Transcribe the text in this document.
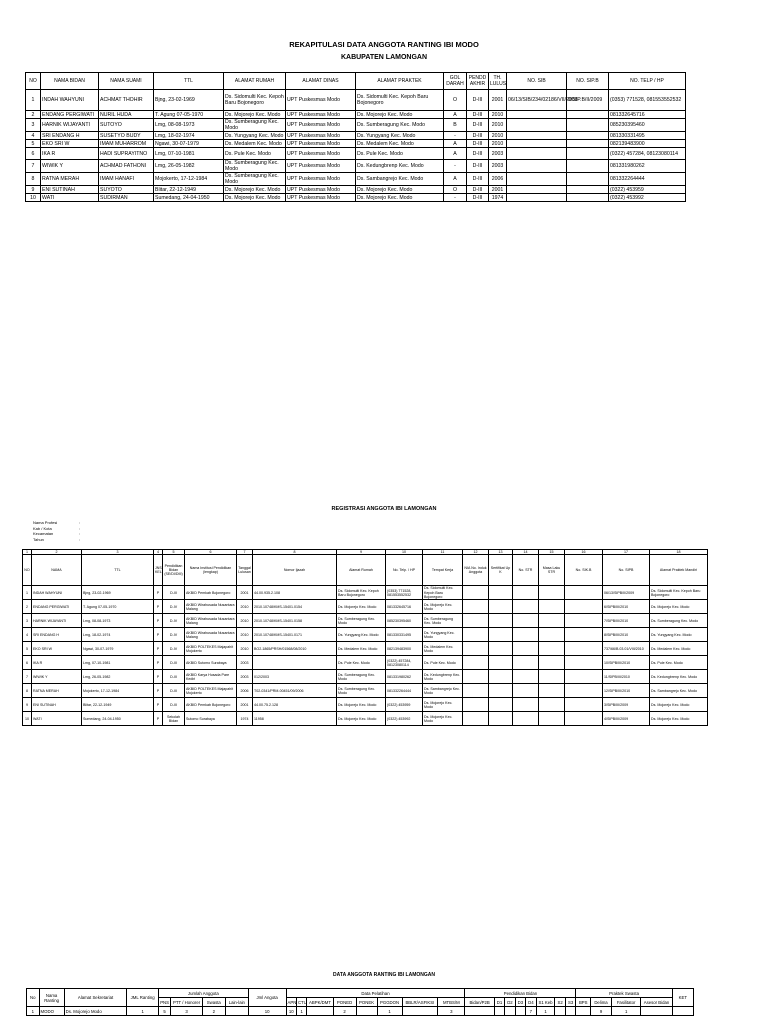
REKAPITULASI DATA ANGGOTA RANTING IBI MODO
KABUPATEN LAMONGAN
NO	NAMA BIDAN	NAMA SUAMI	TTL	ALAMAT RUMAH	ALAMAT DINAS	ALAMAT PRAKTEK	GOL DARAH	PENDD AKHIR	TH. LULUS	NO. SIB	NO. SIP.B	NO. TELP / HP
1	INDAH WAHYUNI	ACHMAT THOHIR	Bjng, 23-02-1969	Ds. Sidomulti Kec. Kepoh Baru Bojonegoro	UPT Puskesmas Modo	Ds. Sidomulti Kec. Kepoh Baru Bojonegoro	O	D-III	2001	06/13/SIB/234/02186/VII/2008	0/SIP.B/II/2009	(0353) 771528, 081553552532
2	ENDANG PERGIWATI	NURIL HUDA	T. Agung 07-05-1970	Ds. Mojorejo Kec. Modo	UPT Puskesmas Modo	Ds. Mojorejo Kec. Modo	A	D-III	2010			081332645716
3	HARNIK WIJAYANTI	SUTOYO	Lmg, 08-08-1973	Ds. Sumberagung Kec. Modo	UPT Puskesmas Modo	Ds. Sumberagung Kec. Modo	B	D-III	2010			085230395460
4	SRI ENDANG H	SUSETYO BUDY	Lmg, 18-02-1974	Ds. Yungyang Kec. Modo	UPT Puskesmas Modo	Ds. Yungyang Kec. Modo	-	D-III	2010			081330331495
5	EKO SRI W	IMAM MUHARROM	Ngawi, 30-07-1979	Ds. Medalem Kec. Modo	UPT Puskesmas Modo	Ds. Medalem Kec. Modo	A	D-III	2010			082139483900
6	IKA R	HADI SUPRAYITNO	Lmg, 07-10-1981	Ds. Pule Kec. Modo	UPT Puskesmas Modo	Ds. Pule Kec. Modo	A	D-III	2003			(0322) 457284, 08123080114
7	WIWIK Y	ACHMAD FATHONI	Lmg, 26-05-1982	Ds. Sumberagung Kec. Modo	UPT Puskesmas Modo	Ds. Kedungbrenp Kec. Modo	-	D-III	2003			081331980262
8	RATNA MERAH	IMAM HANAFI	Mojokerto, 17-12-1984	Ds. Sumberagung Kec. Modo	UPT Puskesmas Modo	Ds. Sambangrejo Kec. Modo	A	D-III	2006			081332264444
9	ENI SUTINAH	SUYOTO	Blitar, 22-12-1949	Ds. Mojorejo Kec. Modo	UPT Puskesmas Modo	Ds. Mojorejo Kec. Modo	O	D-III	2001			(0322) 453959
10	WATI	SUDIRMAN	Sumedang, 24-04-1950	Ds. Mojorejo Kec. Modo	UPT Puskesmas Modo	Ds. Mojorejo Kec. Modo	-	D-III	1974			(0322) 453992
REGISTRASI ANGGOTA IBI LAMONGAN
Nama Profesi	:
Kab / Kota	:
Kecamatan	:
Tahun	:
1	2	3	4	5	6	7	8	9	10	11	12	13	14	15	16	17	18
NO	NAMA	TTL	JNS KEL	Pendidikan Bidan (SE/DI/DIII)	Nama Institusi Pendidikan (lengkap)	Tanggal Lulusan	Nomor Ijazah	Alamat Rumah	No. Telp. / HP	Tempat Kerja	NIA No. Induk Anggota	Sertifikat Up K	No. STR	Masa Laku STR	No. SIK.B	No. SIPB	Alamat Praktek Mandiri
1	INDAH WAHYUNI	Bjng, 23-02-1969	P	D-III	AKBID Pemkab Bojonegoro	2001	44.00.935.2.108	Ds. Sidomulti Kec. Kepoh Baru Bojonegoro	(0353) 771528, 081553552532	Ds. Sidomulti Kec. Kepoh Baru Bojonegoro						06/13/SIPB/II/2009	Ds. Sidomulti Kec. Kepoh Baru Bojonegoro
2	ENDANG PERGIWATI	T. Agung 07-05-1970	P	D-IV	AKBID Wirahusada Nusantara Malang	2010	2010.10748/KMS-15401.0154	Ds. Mojorejo Kec. Modo	081332645716	Ds. Mojorejo Kec. Modo						6/SIPB/III/2010	Ds. Mojorejo Kec. Modo
3	HARNIK WIJAYANTI	Lmg, 08-08-1973	P	D-IV	AKBID Wirahusada Nusantara Malang	2010	2010.10748/KMS-15401.0158	Ds. Sumberagung Kec. Modo	085230395460	Ds. Sumberagung Kec. Modo						7/SIPB/III/2010	Ds. Sumberagung Kec. Modo
4	SRI ENDANG H	Lmg, 18-02-1974	P	D-IV	AKBID Wirahusada Nusantara Malang	2010	2010.10748/KMS-15401.0171	Ds. Yungyang Kec. Modo	081330331495	Ds. Yungyang Kec. Modo						8/SIPB/III/2010	Ds. Yungyang Kec. Modo
5	EKO SRI W	Ngawi, 30-07-1979	P	D-IV	AKBID POLTEKES Majapahit Mojokerto	2010	BO2-1865/PRSH/01568/08/2010	Ds. Medalem Kec. Modo	082139483900	Ds. Medalem Kec. Modo						737/66/B.03.01/VIII/2010	Ds. Medalem Kec. Modo
6	IKA R	Lmg, 07-10-1981	P	D-III	AKBID Sutomo Surabaya	2003		Ds. Pule Kec. Modo	(0322) 457284, 08123080114	Ds. Pule Kec. Modo						10/SIPB/III/2010	Ds. Pule Kec. Modo
7	WIWIK Y	Lmg, 26-05-1982	P	D-III	AKBID Karya Husada Pare Kediri	2003	012/2003	Ds. Sumberagung Kec. Modo	081331980262	Ds. Kedungbrenp Kec. Modo						11/SIPB/III/2010	Ds. Kedungbrenp Kec. Modo
8	RATNA MERAH	Mojokerto, 17-12-1984	P	D-III	AKBID POLTEKES Majapahit Mojokerto	2006	T02-0341/PRM-00451/09/2006	Ds. Sumberagung Kec. Modo	081332264444	Ds. Sambangrejo Kec. Modo						12/SIPB/III/2010	Ds. Sambangrejo Kec. Modo
9	ENI SUTINAH	Blitar, 22-12-1949	P	D-III	AKBID Pemkab Bojonegoro	2001	44.00.75.2.128	Ds. Mojorejo Kec. Modo	(0322) 453959	Ds. Mojorejo Kec. Modo						3/SIPB/III/2009	Ds. Mojorejo Kec. Modo
10	WATI	Sumedang, 24-04-1950	P	Sekolah Bidan	Sutomo Surabaya	1974	11958	Ds. Mojorejo Kec. Modo	(0322) 453992	Ds. Mojorejo Kec. Modo						4/SIPB/III/2009	Ds. Mojorejo Kec. Modo
DATA ANGGOTA RANTING IBI LAMONGAN
No	Nama Ranting	Alamat Sekretariat	JML Ranting	Jumlah Anggota				Jml Angota	Data Pelatihan								Pendidikan Bidan								Praktek Swasta				KET
				PNS	PTT / Honorer	Swasta	Lain-lain		APN	CTU	ABPK/DMT	PONED	PONEK	PGGDON	BBLR/ASFIKSI	MTBS/M	Bidan/P2B	D1	D2	D3	D4	S1 Keb	S2	S3	BPS	Delima	Fasilitator	Asesor Bidan	
1	MODO	Ds. Mojorejo Modo	1	5	3	2		10	10	1		2		1		3					7	1				9	1		
